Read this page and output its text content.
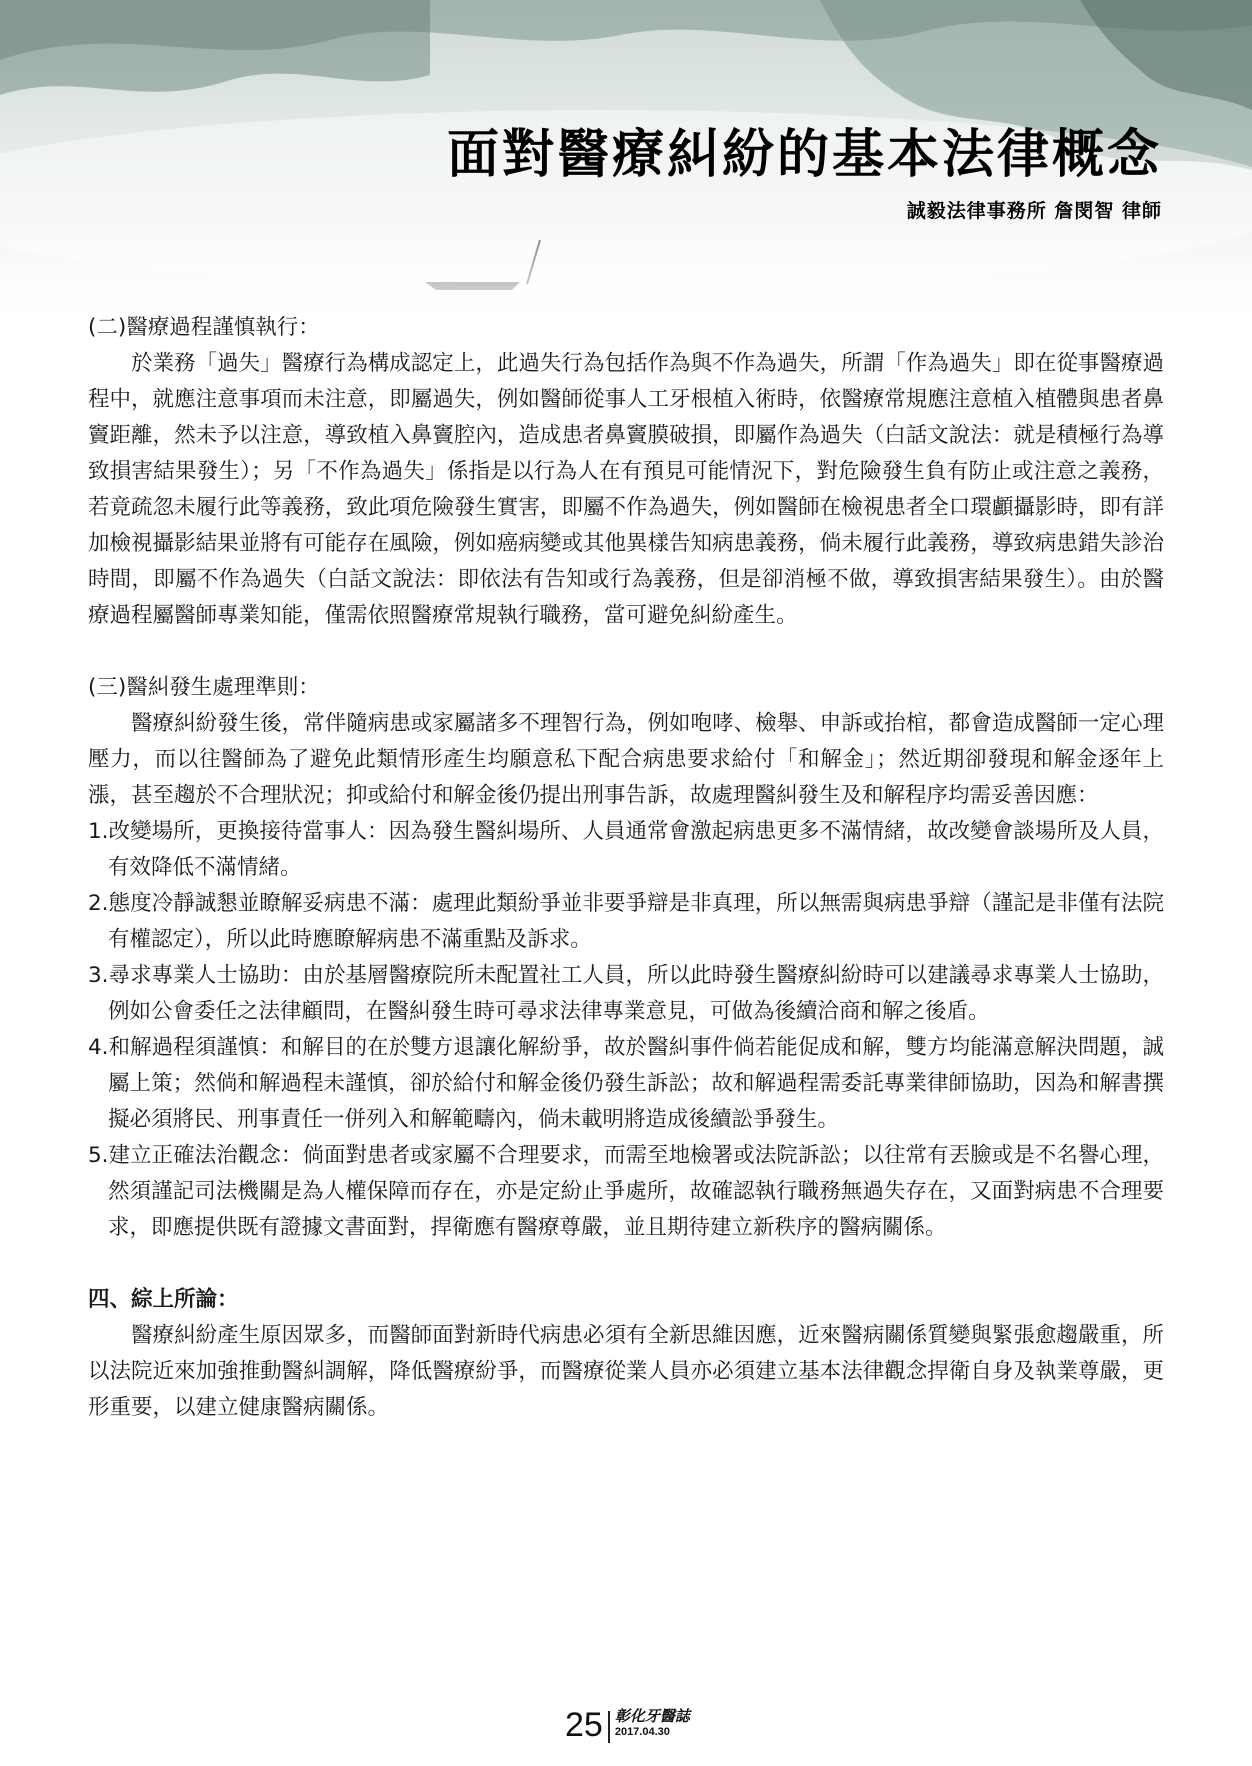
面對醫療糾紛的基本法律概念
誠毅法律事務所 詹閔智 律師

(二)醫療過程謹慎執行：

於業務「過失」醫療行為構成認定上，此過失行為包括作為與不作為過失，所謂「作為過失」即在從事醫療過程中，就應注意事項而未注意，即屬過失，例如醫師從事人工牙根植入術時，依醫療常規應注意植入植體與患者鼻竇距離，然未予以注意，導致植入鼻竇腔內，造成患者鼻竇膜破損，即屬作為過失（白話文說法：就是積極行為導致損害結果發生）；另「不作為過失」係指是以行為人在有預見可能情況下，對危險發生負有防止或注意之義務，若竟疏忽未履行此等義務，致此項危險發生實害，即屬不作為過失，例如醫師在檢視患者全口環顱攝影時，即有詳加檢視攝影結果並將有可能存在風險，例如癌病變或其他異樣告知病患義務，倘未履行此義務，導致病患錯失診治時間，即屬不作為過失（白話文說法：即依法有告知或行為義務，但是卻消極不做，導致損害結果發生）。由於醫療過程屬醫師專業知能，僅需依照醫療常規執行職務，當可避免糾紛產生。

(三)醫糾發生處理準則：

醫療糾紛發生後，常伴隨病患或家屬諸多不理智行為，例如咆哮、檢舉、申訴或抬棺，都會造成醫師一定心理壓力，而以往醫師為了避免此類情形產生均願意私下配合病患要求給付「和解金」；然近期卻發現和解金逐年上漲，甚至趨於不合理狀況；抑或給付和解金後仍提出刑事告訴，故處理醫糾發生及和解程序均需妥善因應：

1.改變場所，更換接待當事人：因為發生醫糾場所、人員通常會激起病患更多不滿情緒，故改變會談場所及人員，有效降低不滿情緒。

2.態度冷靜誠懇並瞭解妥病患不滿：處理此類紛爭並非要爭辯是非真理，所以無需與病患爭辯（謹記是非僅有法院有權認定），所以此時應瞭解病患不滿重點及訴求。

3.尋求專業人士協助：由於基層醫療院所未配置社工人員，所以此時發生醫療糾紛時可以建議尋求專業人士協助，例如公會委任之法律顧問，在醫糾發生時可尋求法律專業意見，可做為後續洽商和解之後盾。

4.和解過程須謹慎：和解目的在於雙方退讓化解紛爭，故於醫糾事件倘若能促成和解，雙方均能滿意解決問題，誠屬上策；然倘和解過程未謹慎，卻於給付和解金後仍發生訴訟；故和解過程需委託專業律師協助，因為和解書撰擬必須將民、刑事責任一併列入和解範疇內，倘未載明將造成後續訟爭發生。

5.建立正確法治觀念：倘面對患者或家屬不合理要求，而需至地檢署或法院訴訟；以往常有丟臉或是不名譽心理，然須謹記司法機關是為人權保障而存在，亦是定紛止爭處所，故確認執行職務無過失存在，又面對病患不合理要求，即應提供既有證據文書面對，捍衛應有醫療尊嚴，並且期待建立新秩序的醫病關係。

四、綜上所論：

醫療糾紛產生原因眾多，而醫師面對新時代病患必須有全新思維因應，近來醫病關係質變與緊張愈趨嚴重，所以法院近來加強推動醫糾調解，降低醫療紛爭，而醫療從業人員亦必須建立基本法律觀念捍衛自身及執業尊嚴，更形重要，以建立健康醫病關係。

25 彰化牙醫誌
2017.04.30
